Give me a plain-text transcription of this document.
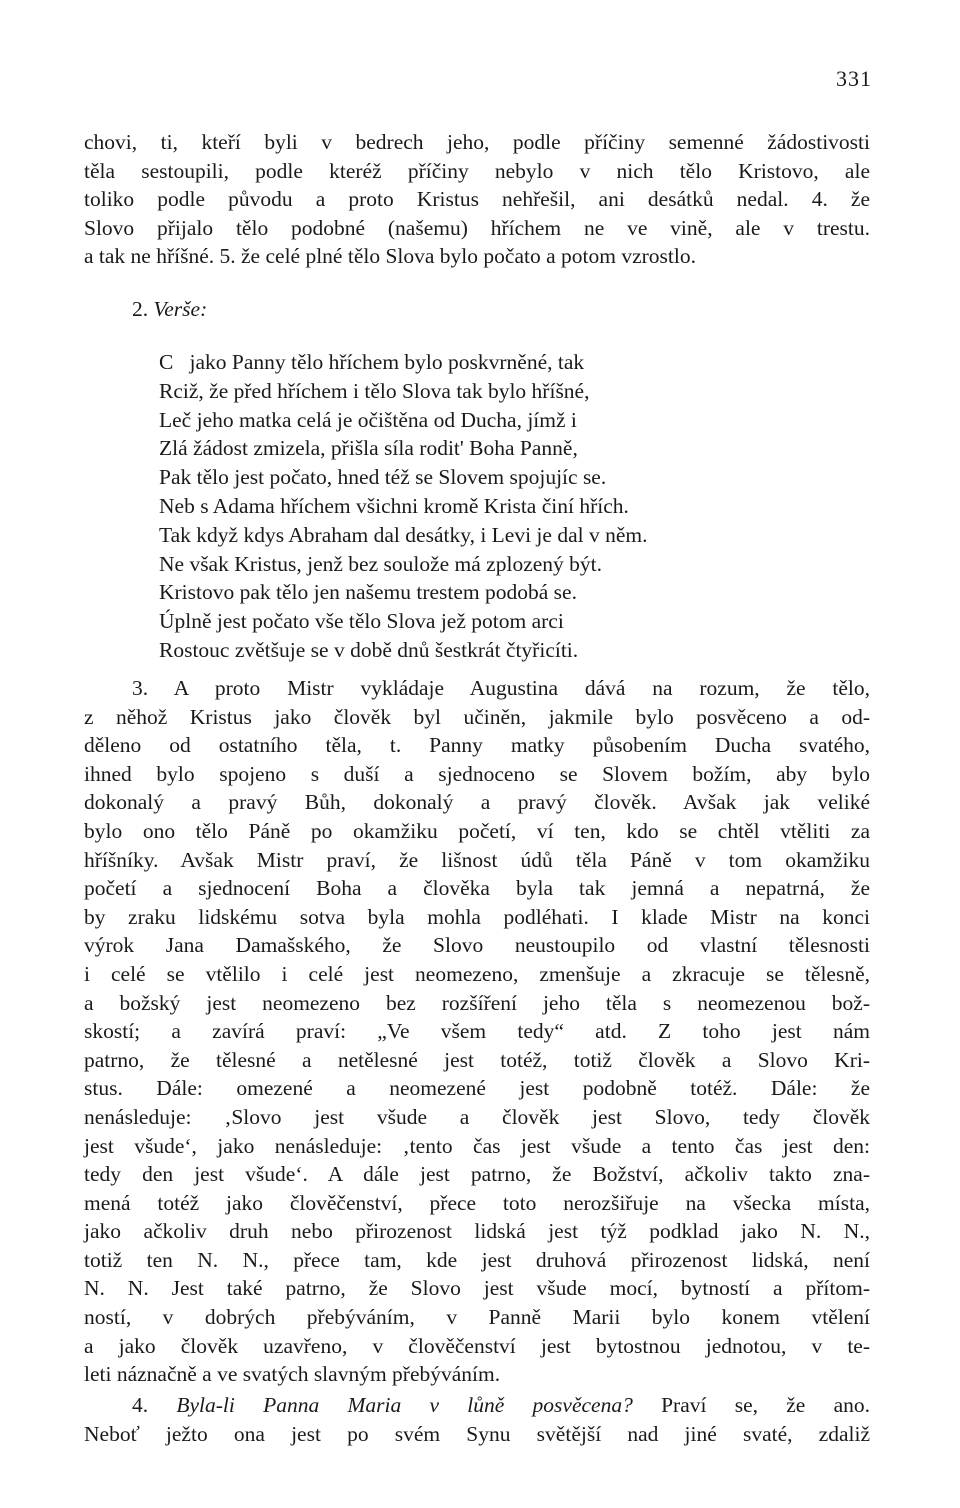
331
chovi, ti, kteří byli v bedrech jeho, podle příčiny semenné žádostivosti
těla sestoupili, podle kteréž příčiny nebylo v nich tělo Kristovo, ale
toliko podle původu a proto Kristus nehřešil, ani desátků nedal. 4. že
Slovo přijalo tělo podobné (našemu) hříchem ne ve vině, ale v trestu.
a tak ne hříšné. 5. že celé plné tělo Slova bylo počato a potom vzrostlo.
2. Verše:
C   jako Panny tělo hříchem bylo poskvrněné, tak
Rciž, že před hříchem i tělo Slova tak bylo hříšné,
Leč jeho matka celá je očištěna od Ducha, jímž i
Zlá žádost zmizela, přišla síla rodit' Boha Panně,
Pak tělo jest počato, hned též se Slovem spojujíc se.
Neb s Adama hříchem všichni kromě Krista činí hřích.
Tak když kdys Abraham dal desátky, i Levi je dal v něm.
Ne však Kristus, jenž bez soulože má zplozený být.
Kristovo pak tělo jen našemu trestem podobá se.
Úplně jest počato vše tělo Slova jež potom arci
Rostouc zvětšuje se v době dnů šestkrát čtyřicíti.
3. A proto Mistr vykládaje Augustina dává na rozum, že tělo,
z něhož Kristus jako člověk byl učiněn, jakmile bylo posvěceno a od-
děleno od ostatního těla, t. Panny matky působením Ducha svatého,
ihned bylo spojeno s duší a sjednoceno se Slovem božím, aby bylo
dokonalý a pravý Bůh, dokonalý a pravý člověk. Avšak jak veliké
bylo ono tělo Páně po okamžiku početí, ví ten, kdo se chtěl vtěliti za
hříšníky. Avšak Mistr praví, že lišnost údů těla Páně v tom okamžiku
početí a sjednocení Boha a člověka byla tak jemná a nepatrná, že
by zraku lidskému sotva byla mohla podléhati. I klade Mistr na konci
výrok Jana Damašského, že Slovo neustoupilo od vlastní tělesnosti
i celé se vtělilo i celé jest neomezeno, zmenšuje a zkracuje se tělesně,
a božský jest neomezeno bez rozšíření jeho těla s neomezenou bož-
skostí; a zavírá praví: „Ve všem tedy“ atd. Z toho jest nám
patrno, že tělesné a netělesné jest totéž, totiž člověk a Slovo Kri-
stus. Dále: omezené a neomezené jest podobně totéž. Dále: že
nenásleduje: ‚Slovo jest všude a člověk jest Slovo, tedy člověk
jest všude‘, jako nenásleduje: ‚tento čas jest všude a tento čas jest den:
tedy den jest všude‘. A dále jest patrno, že Božství, ačkoliv takto zna-
mená totéž jako člověčenství, přece toto nerozšiřuje na všecka místa,
jako ačkoliv druh nebo přirozenost lidská jest týž podklad jako N. N.,
totiž ten N. N., přece tam, kde jest druhová přirozenost lidská, není
N. N. Jest také patrno, že Slovo jest všude mocí, bytností a přítom-
ností, v dobrých přebýváním, v Panně Marii bylo konem vtělení
a jako člověk uzavřeno, v člověčenství jest bytostnou jednotou, v te-
leti náznačně a ve svatých slavným přebýváním.
4. Byla-li Panna Maria v lůně posvěcena? Praví se, že ano.
Neboť ježto ona jest po svém Synu světější nad jiné svaté, zdaliž
